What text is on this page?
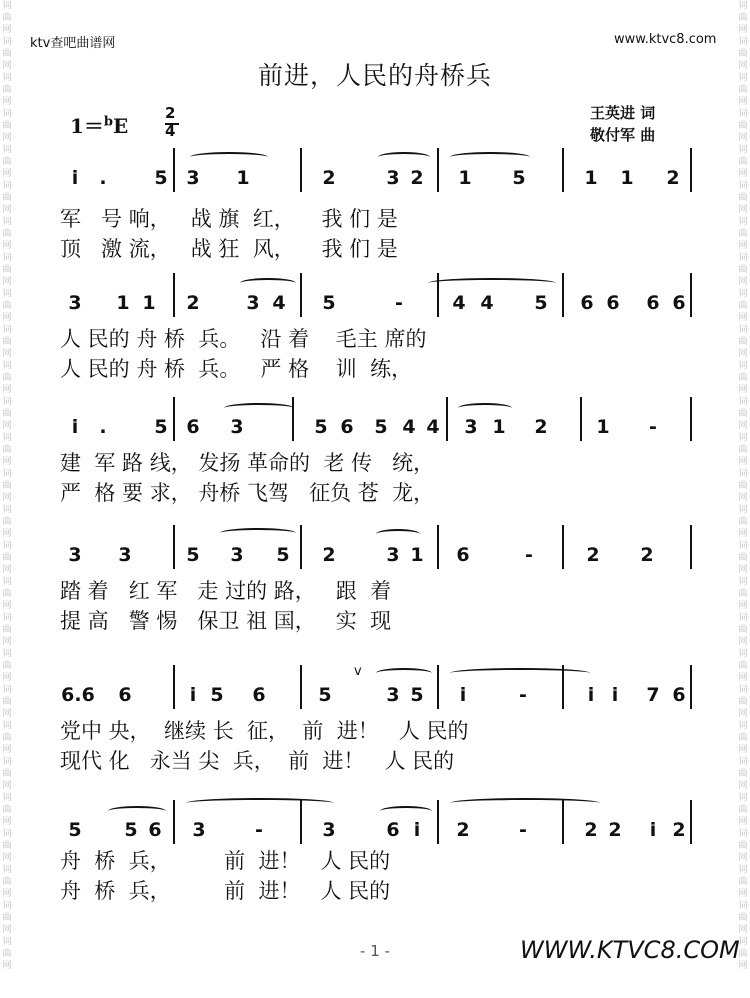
词
曲
网
词
曲
网
词
曲
网
词
曲
网
词
曲
网
词
曲
网
词
曲
网
词
曲
网
词
曲
网
词
曲
网
词
曲
网
词
曲
网
词
曲
网
词
曲
网
词
曲
网
词
曲
网
词
曲
网
词
曲
网
词
曲
网
词
曲
网
词
曲
网
词
曲
网
词
曲
网
词
曲
网
词
曲
网
词
曲
网
词
曲
网
词
曲
网
词
曲
网
词
曲
网
词
曲
网
词
曲
网
词
曲
网
词
曲
网
词
曲
网
词
曲
网
词
曲
网
词
曲
网
词
曲
网
词
曲
网
词
曲
网
词
曲
网
词
曲
网
词
曲
网
词
曲
网
词
曲
网
词
曲
网
词
曲
网
词
曲
网
词
曲
网
词
曲
网
词
曲
网
词
曲
网
词
曲
网
ktv查吧曲谱网	www.ktvc8.com
前进，人民的舟桥兵
1＝$^b$E
2
4
王英进 词
敬付军 曲
i	.	5 3	1	2	3 2	1	5	1	1	2
军   号 响，   战 旗  红，    我 们 是
顶   激 流，   战 狂  风，    我 们 是
3	1 1	2	3 4	5	-	4 4	5	6 6	6 6
人 民的 舟 桥  兵。   沿 着    毛主 席的
人 民的 舟 桥  兵。   严 格    训  练，
i	.	5 6	3	5 6	5 4 4	3 1	2	1	-
建  军 路 线， 发扬 革命的  老 传   统，
严  格 要 求， 舟桥 飞驾   征负 苍  龙，
3	3	5	3	5	2	3 1	6	-	2	2
踏 着   红 军   走 过的 路，   跟  着
提 高   警 惕   保卫 祖 国，   实  现
6.6	6	i 5	6	5	3 5	i	-	i i	7 6
党中 央，  继续 长  征，  前  进！   人 民的
现代 化   永当 尖  兵，  前  进！   人 民的
5	5 6	3	-	3	6 i	2	-	2 2	i 2
舟  桥  兵，        前  进！   人 民的
舟  桥  兵，        前  进！   人 民的
v
- 1 -	WWW.KTVC8.COM
